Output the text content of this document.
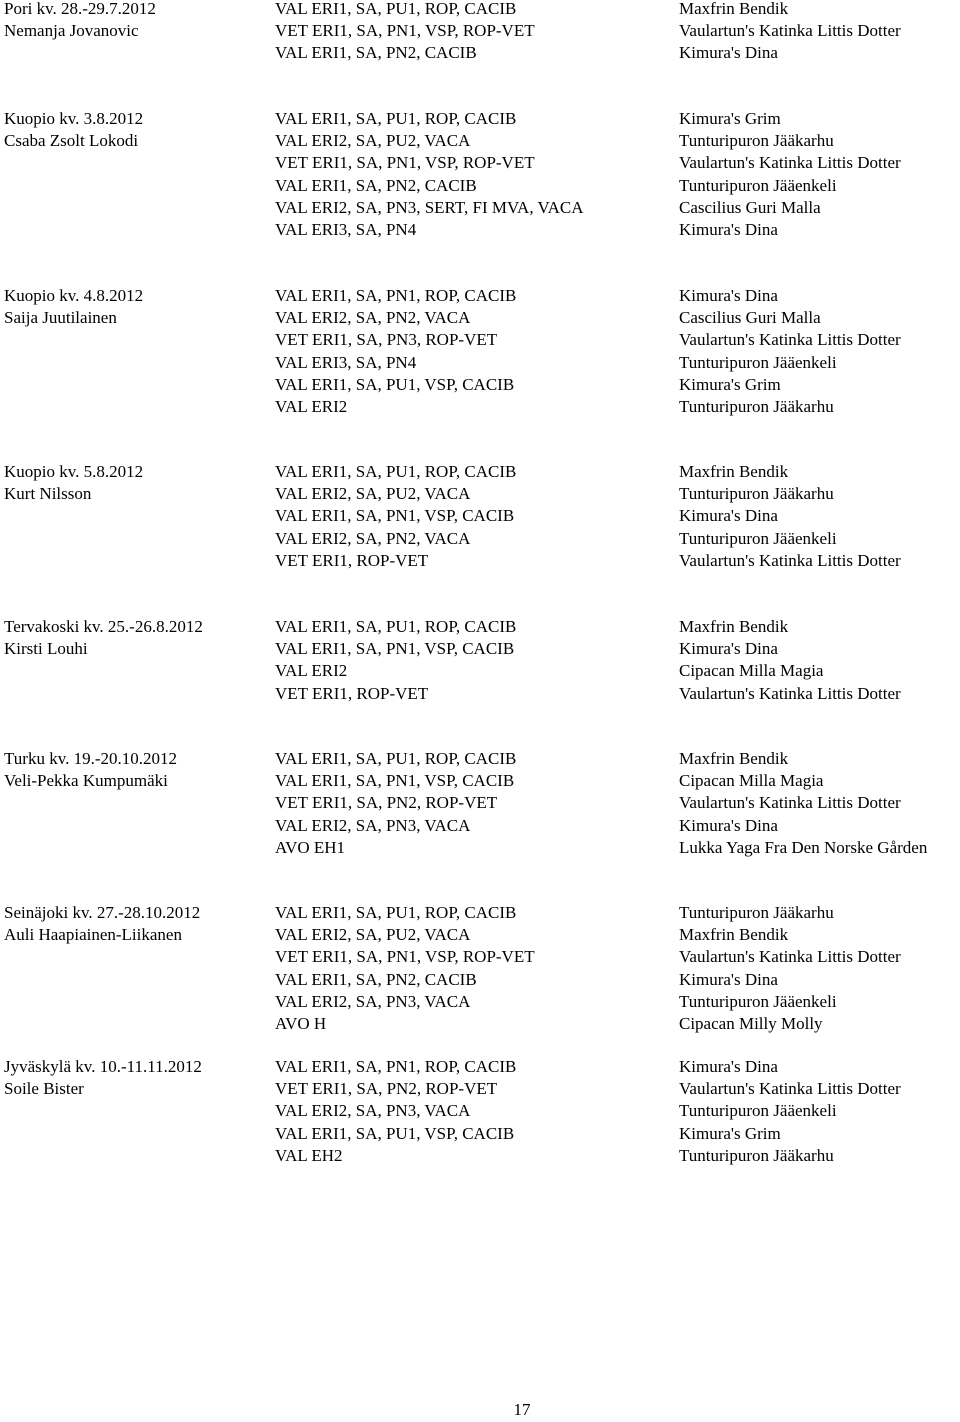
Pori kv. 28.-29.7.2012	VAL ERI1, SA, PU1, ROP, CACIB	Maxfrin Bendik
Nemanja Jovanovic	VET ERI1, SA, PN1, VSP, ROP-VET	Vaulartun's Katinka Littis Dotter
VAL ERI1, SA, PN2, CACIB	Kimura's Dina
Kuopio kv. 3.8.2012	VAL ERI1, SA, PU1, ROP, CACIB	Kimura's Grim
Csaba Zsolt Lokodi	VAL ERI2, SA, PU2, VACA	Tunturipuron Jääkarhu
VET ERI1, SA, PN1, VSP, ROP-VET	Vaulartun's Katinka Littis Dotter
VAL ERI1, SA, PN2, CACIB	Tunturipuron Jääenkeli
VAL ERI2, SA, PN3, SERT, FI MVA, VACA	Cascilius Guri Malla
VAL ERI3, SA, PN4	Kimura's Dina
Kuopio kv. 4.8.2012	VAL ERI1, SA, PN1, ROP, CACIB	Kimura's Dina
Saija Juutilainen	VAL ERI2, SA, PN2, VACA	Cascilius Guri Malla
VET ERI1, SA, PN3, ROP-VET	Vaulartun's Katinka Littis Dotter
VAL ERI3, SA, PN4	Tunturipuron Jääenkeli
VAL ERI1, SA, PU1, VSP, CACIB	Kimura's Grim
VAL ERI2	Tunturipuron Jääkarhu
Kuopio kv. 5.8.2012	VAL ERI1, SA, PU1, ROP, CACIB	Maxfrin Bendik
Kurt Nilsson	VAL ERI2, SA, PU2, VACA	Tunturipuron Jääkarhu
VAL ERI1, SA, PN1, VSP, CACIB	Kimura's Dina
VAL ERI2, SA, PN2, VACA	Tunturipuron Jääenkeli
VET ERI1, ROP-VET	Vaulartun's Katinka Littis Dotter
Tervakoski kv. 25.-26.8.2012	VAL ERI1, SA, PU1, ROP, CACIB	Maxfrin Bendik
Kirsti Louhi	VAL ERI1, SA, PN1, VSP, CACIB	Kimura's Dina
VAL ERI2	Cipacan Milla Magia
VET ERI1, ROP-VET	Vaulartun's Katinka Littis Dotter
Turku kv. 19.-20.10.2012	VAL ERI1, SA, PU1, ROP, CACIB	Maxfrin Bendik
Veli-Pekka Kumpumäki	VAL ERI1, SA, PN1, VSP, CACIB	Cipacan Milla Magia
VET ERI1, SA, PN2, ROP-VET	Vaulartun's Katinka Littis Dotter
VAL ERI2, SA, PN3, VACA	Kimura's Dina
AVO EH1	Lukka Yaga Fra Den Norske Gården
Seinäjoki kv. 27.-28.10.2012	VAL ERI1, SA, PU1, ROP, CACIB	Tunturipuron Jääkarhu
Auli Haapiainen-Liikanen	VAL ERI2, SA, PU2, VACA	Maxfrin Bendik
VET ERI1, SA, PN1, VSP, ROP-VET	Vaulartun's Katinka Littis Dotter
VAL ERI1, SA, PN2, CACIB	Kimura's Dina
VAL ERI2, SA, PN3, VACA	Tunturipuron Jääenkeli
AVO H	Cipacan Milly Molly
Jyväskylä kv. 10.-11.11.2012	VAL ERI1, SA, PN1, ROP, CACIB	Kimura's Dina
Soile Bister	VET ERI1, SA, PN2, ROP-VET	Vaulartun's Katinka Littis Dotter
VAL ERI2, SA, PN3, VACA	Tunturipuron Jääenkeli
VAL ERI1, SA, PU1, VSP, CACIB	Kimura's Grim
VAL EH2	Tunturipuron Jääkarhu
17
